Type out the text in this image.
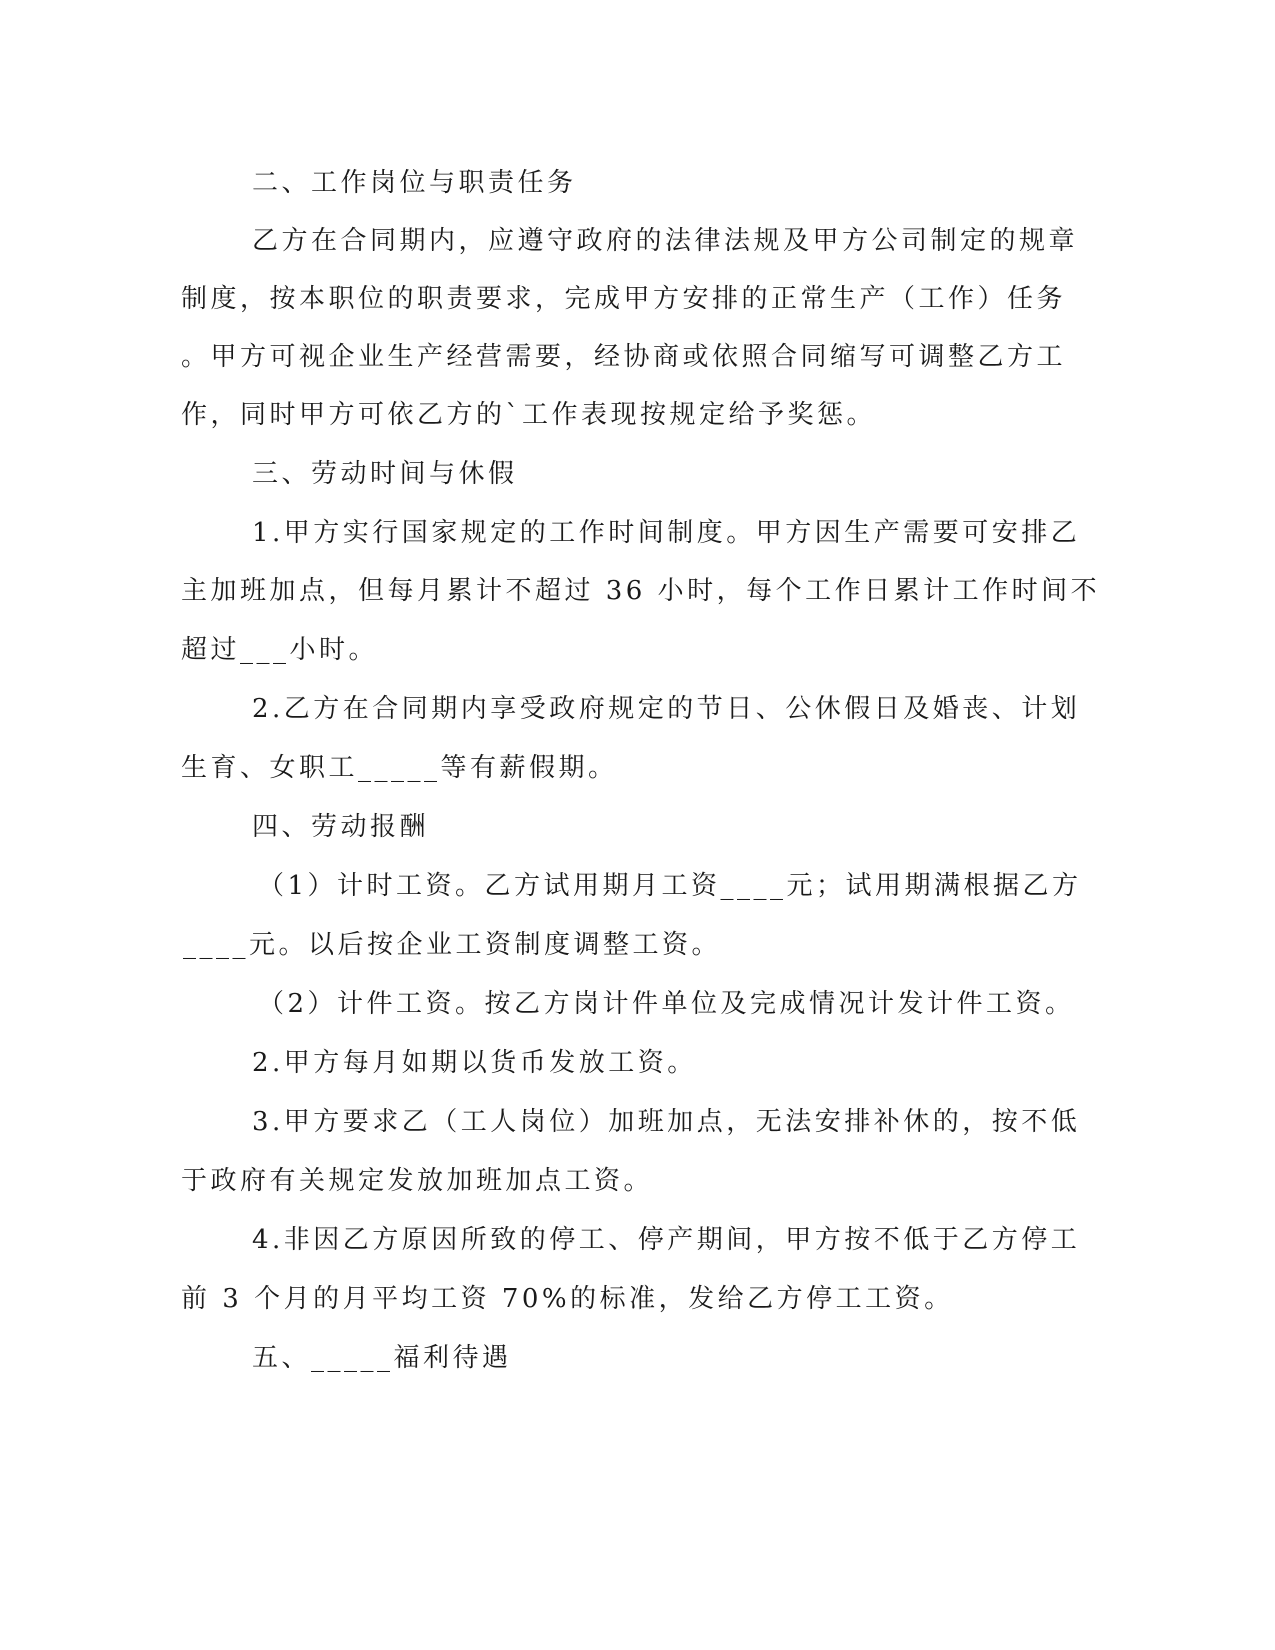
二、工作岗位与职责任务
乙方在合同期内，应遵守政府的法律法规及甲方公司制定的规章
制度，按本职位的职责要求，完成甲方安排的正常生产（工作）任务
。甲方可视企业生产经营需要，经协商或依照合同缩写可调整乙方工
作，同时甲方可依乙方的`工作表现按规定给予奖惩。
三、劳动时间与休假
1.甲方实行国家规定的工作时间制度。甲方因生产需要可安排乙
主加班加点，但每月累计不超过 36 小时，每个工作日累计工作时间不
超过___小时。
2.乙方在合同期内享受政府规定的节日、公休假日及婚丧、计划
生育、女职工_____等有薪假期。
四、劳动报酬
（1）计时工资。乙方试用期月工资____元；试用期满根据乙方
____元。以后按企业工资制度调整工资。
（2）计件工资。按乙方岗计件单位及完成情况计发计件工资。
2.甲方每月如期以货币发放工资。
3.甲方要求乙（工人岗位）加班加点，无法安排补休的，按不低
于政府有关规定发放加班加点工资。
4.非因乙方原因所致的停工、停产期间，甲方按不低于乙方停工
前 3 个月的月平均工资 70%的标准，发给乙方停工工资。
五、_____福利待遇
